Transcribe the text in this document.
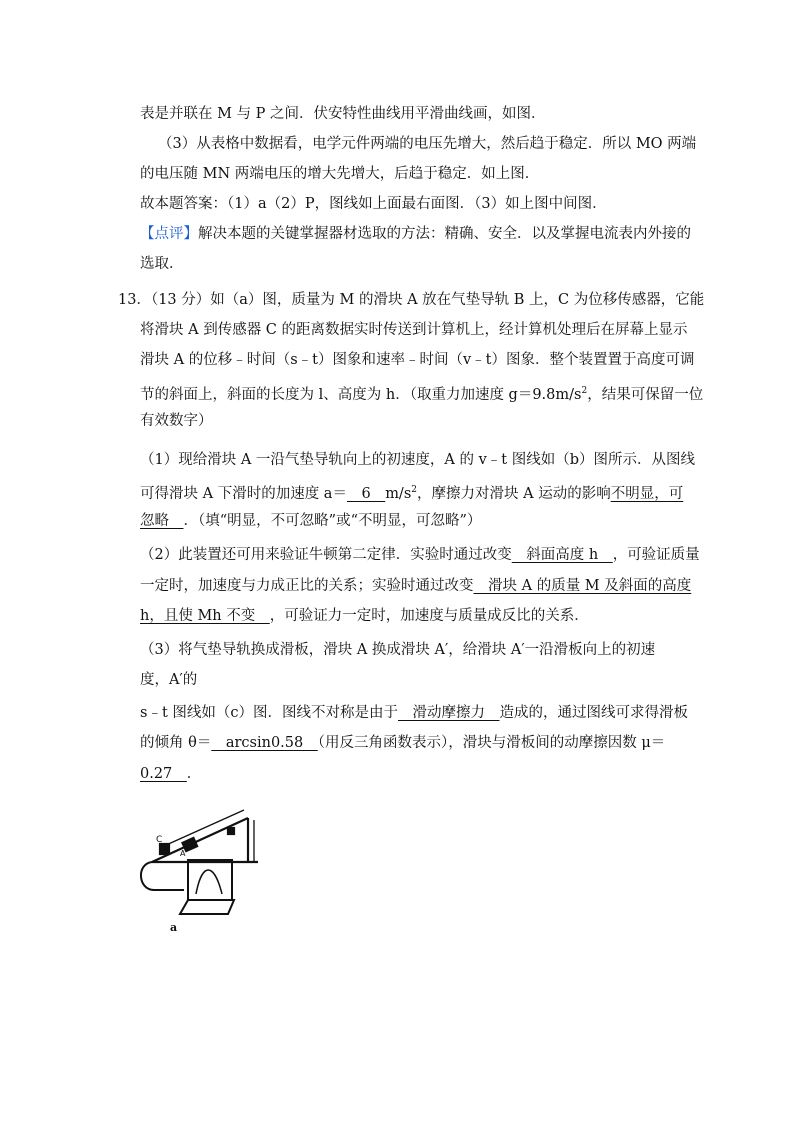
表是并联在 M 与 P 之间．伏安特性曲线用平滑曲线画，如图．
（3）从表格中数据看，电学元件两端的电压先增大，然后趋于稳定．所以 MO 两端
的电压随 MN 两端电压的增大先增大，后趋于稳定．如上图．
故本题答案：（1）a（2）P，图线如上面最右面图．（3）如上图中间图．
【点评】解决本题的关键掌握器材选取的方法：精确、安全．以及掌握电流表内外接的
选取．
13．（13 分）如（a）图，质量为 M 的滑块 A 放在气垫导轨 B 上，C 为位移传感器，它能
将滑块 A 到传感器 C 的距离数据实时传送到计算机上，经计算机处理后在屏幕上显示
滑块 A 的位移﹣时间（s﹣t）图象和速率﹣时间（v﹣t）图象．整个装置置于高度可调
节的斜面上，斜面的长度为 l、高度为 h．（取重力加速度 $g=9.8m/s^2$，结果可保留一位
有效数字）
（1）现给滑块 A 一沿气垫导轨向上的初速度，A 的 v﹣t 图线如（b）图所示．从图线
可得滑块 A 下滑时的加速度 a＝　6　$m/s^2$，摩擦力对滑块 A 运动的影响不明显，可
忽略　．（填“明显，不可忽略”或“不明显，可忽略”）
（2）此装置还可用来验证牛顿第二定律．实验时通过改变　斜面高度 h　，可验证质量
一定时，加速度与力成正比的关系；实验时通过改变　滑块 A 的质量 M 及斜面的高度
h，且使 Mh 不变　，可验证力一定时，加速度与质量成反比的关系．
（3）将气垫导轨换成滑板，滑块 A 换成滑块 A′，给滑块 A′一沿滑板向上的初速
度，A′的
s﹣t 图线如（c）图．图线不对称是由于　滑动摩擦力　造成的，通过图线可求得滑板
的倾角 θ＝　arcsin0.58　（用反三角函数表示），滑块与滑板间的动摩擦因数 μ＝
0.27　．
C
A
a
